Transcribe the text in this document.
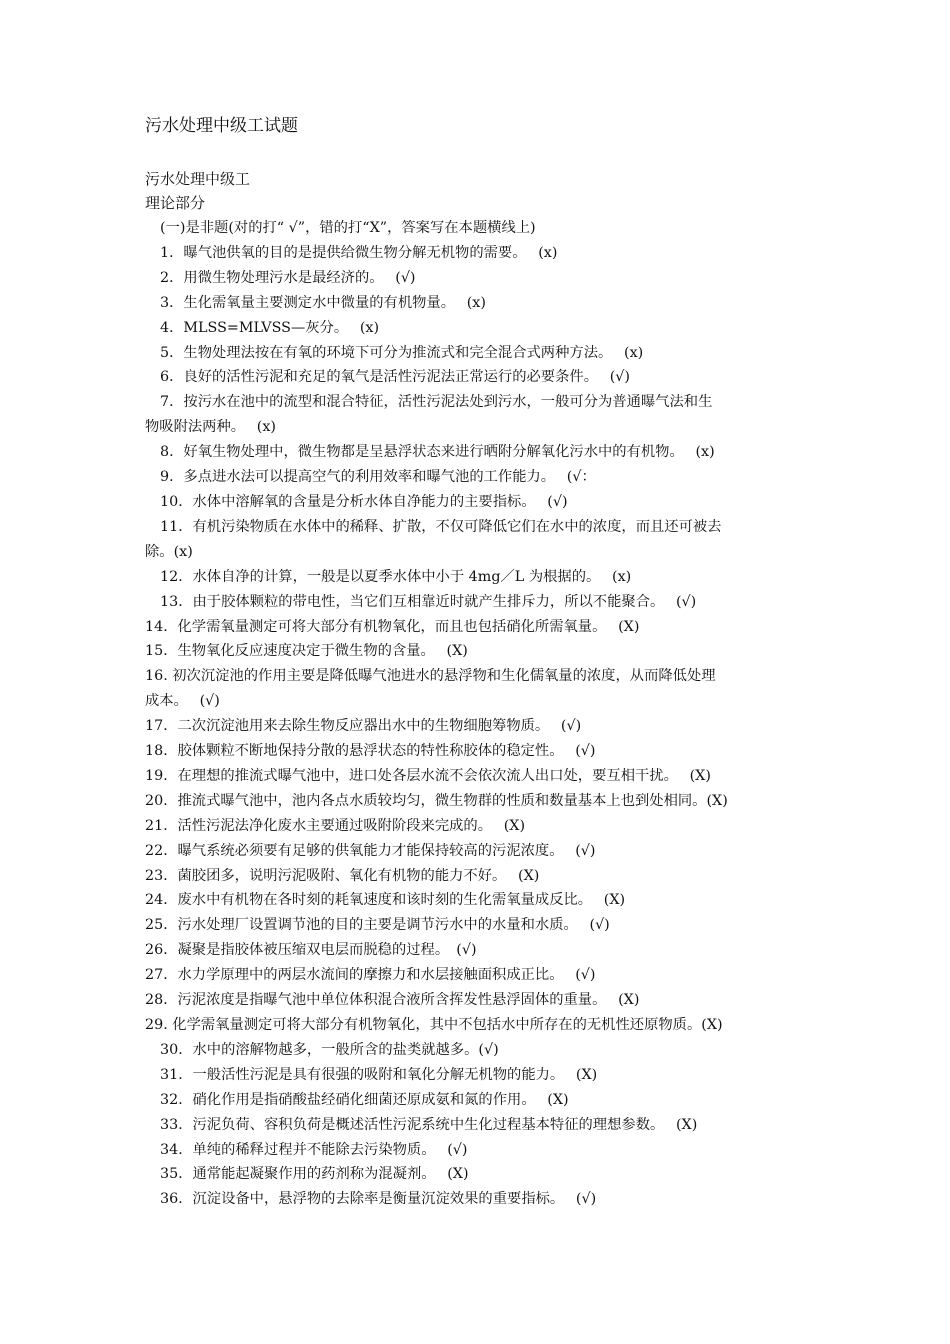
污水处理中级工试题
污水处理中级工
理论部分
(一)是非题(对的打“ √”，错的打“X”，答案写在本题横线上)
1．曝气池供氧的目的是提供给微生物分解无机物的需要。　 (x)
2．用微生物处理污水是最经济的。　 (√)
3．生化需氧量主要测定水中微量的有机物量。　 (x)
4．MLSS=MLVSS—灰分。　 (x)
5．生物处理法按在有氧的环境下可分为推流式和完全混合式两种方法。　 (x)
6．良好的活性污泥和充足的氧气是活性污泥法正常运行的必要条件。　 (√)
7．按污水在池中的流型和混合特征，活性污泥法处到污水，一般可分为普通曝气法和生
物吸附法两种。　 (x)
8．好氧生物处理中，微生物都是呈悬浮状态来进行晒附分解氧化污水中的有机物。　 (x)
9．多点进水法可以提高空气的利用效率和曝气池的工作能力。　 (√：
10．水体中溶解氧的含量是分析水体自净能力的主要指标。　 (√)
11．有机污染物质在水体中的稀释、扩散，不仅可降低它们在水中的浓度，而且还可被去
除。(x)
12．水体自净的计算，一般是以夏季水体中小于 4mg／L 为根据的。　 (x)
13．由于胶体颗粒的带电性，当它们互相靠近时就产生排斥力，所以不能聚合。　 (√)
14．化学需氧量测定可将大部分有机物氧化，而且也包括硝化所需氧量。　 (X)
15．生物氧化反应速度决定于微生物的含量。　 (X)
16. 初次沉淀池的作用主要是降低曝气池进水的悬浮物和生化儒氧量的浓度，从而降低处理
成本。　 (√)
17．二次沉淀池用来去除生物反应器出水中的生物细胞筹物质。　 (√)
18．胶体颗粒不断地保持分散的悬浮状态的特性称胶体的稳定性。　 (√)
19．在理想的推流式曝气池中，进口处各层水流不会依次流人出口处，要互相干扰。　 (X)
20．推流式曝气池中，池内各点水质较均匀，微生物群的性质和数量基本上也到处相同。(X)
21．活性污泥法净化废水主要通过吸附阶段来完成的。　 (X)
22．曝气系统必须要有足够的供氧能力才能保持较高的污泥浓度。　 (√)
23．菌胶团多，说明污泥吸附、氧化有机物的能力不好。　 (X)
24．废水中有机物在各时刻的耗氧速度和该时刻的生化需氧量成反比。　 (X)
25．污水处理厂设置调节池的目的主要是调节污水中的水量和水质。　 (√)
26．凝聚是指胶体被压缩双电层而脱稳的过程。　(√)
27．水力学原理中的两层水流间的摩擦力和水层接触面积成正比。　 (√)
28．污泥浓度是指曝气池中单位体积混合液所含挥发性悬浮固体的重量。　 (X)
29. 化学需氧量测定可将大部分有机物氧化，其中不包括水中所存在的无机性还原物质。(X)
30．水中的溶解物越多，一般所含的盐类就越多。(√)
31．一般活性污泥是具有很强的吸附和氧化分解无机物的能力。　 (X)
32．硝化作用是指硝酸盐经硝化细菌还原成氨和氮的作用。　 (X)
33．污泥负荷、容积负荷是概述活性污泥系统中生化过程基本特征的理想参数。　 (X)
34．单纯的稀释过程并不能除去污染物质。　 (√)
35．通常能起凝聚作用的药剂称为混凝剂。　 (X)
36．沉淀设备中，悬浮物的去除率是衡量沉淀效果的重要指标。　 (√)
